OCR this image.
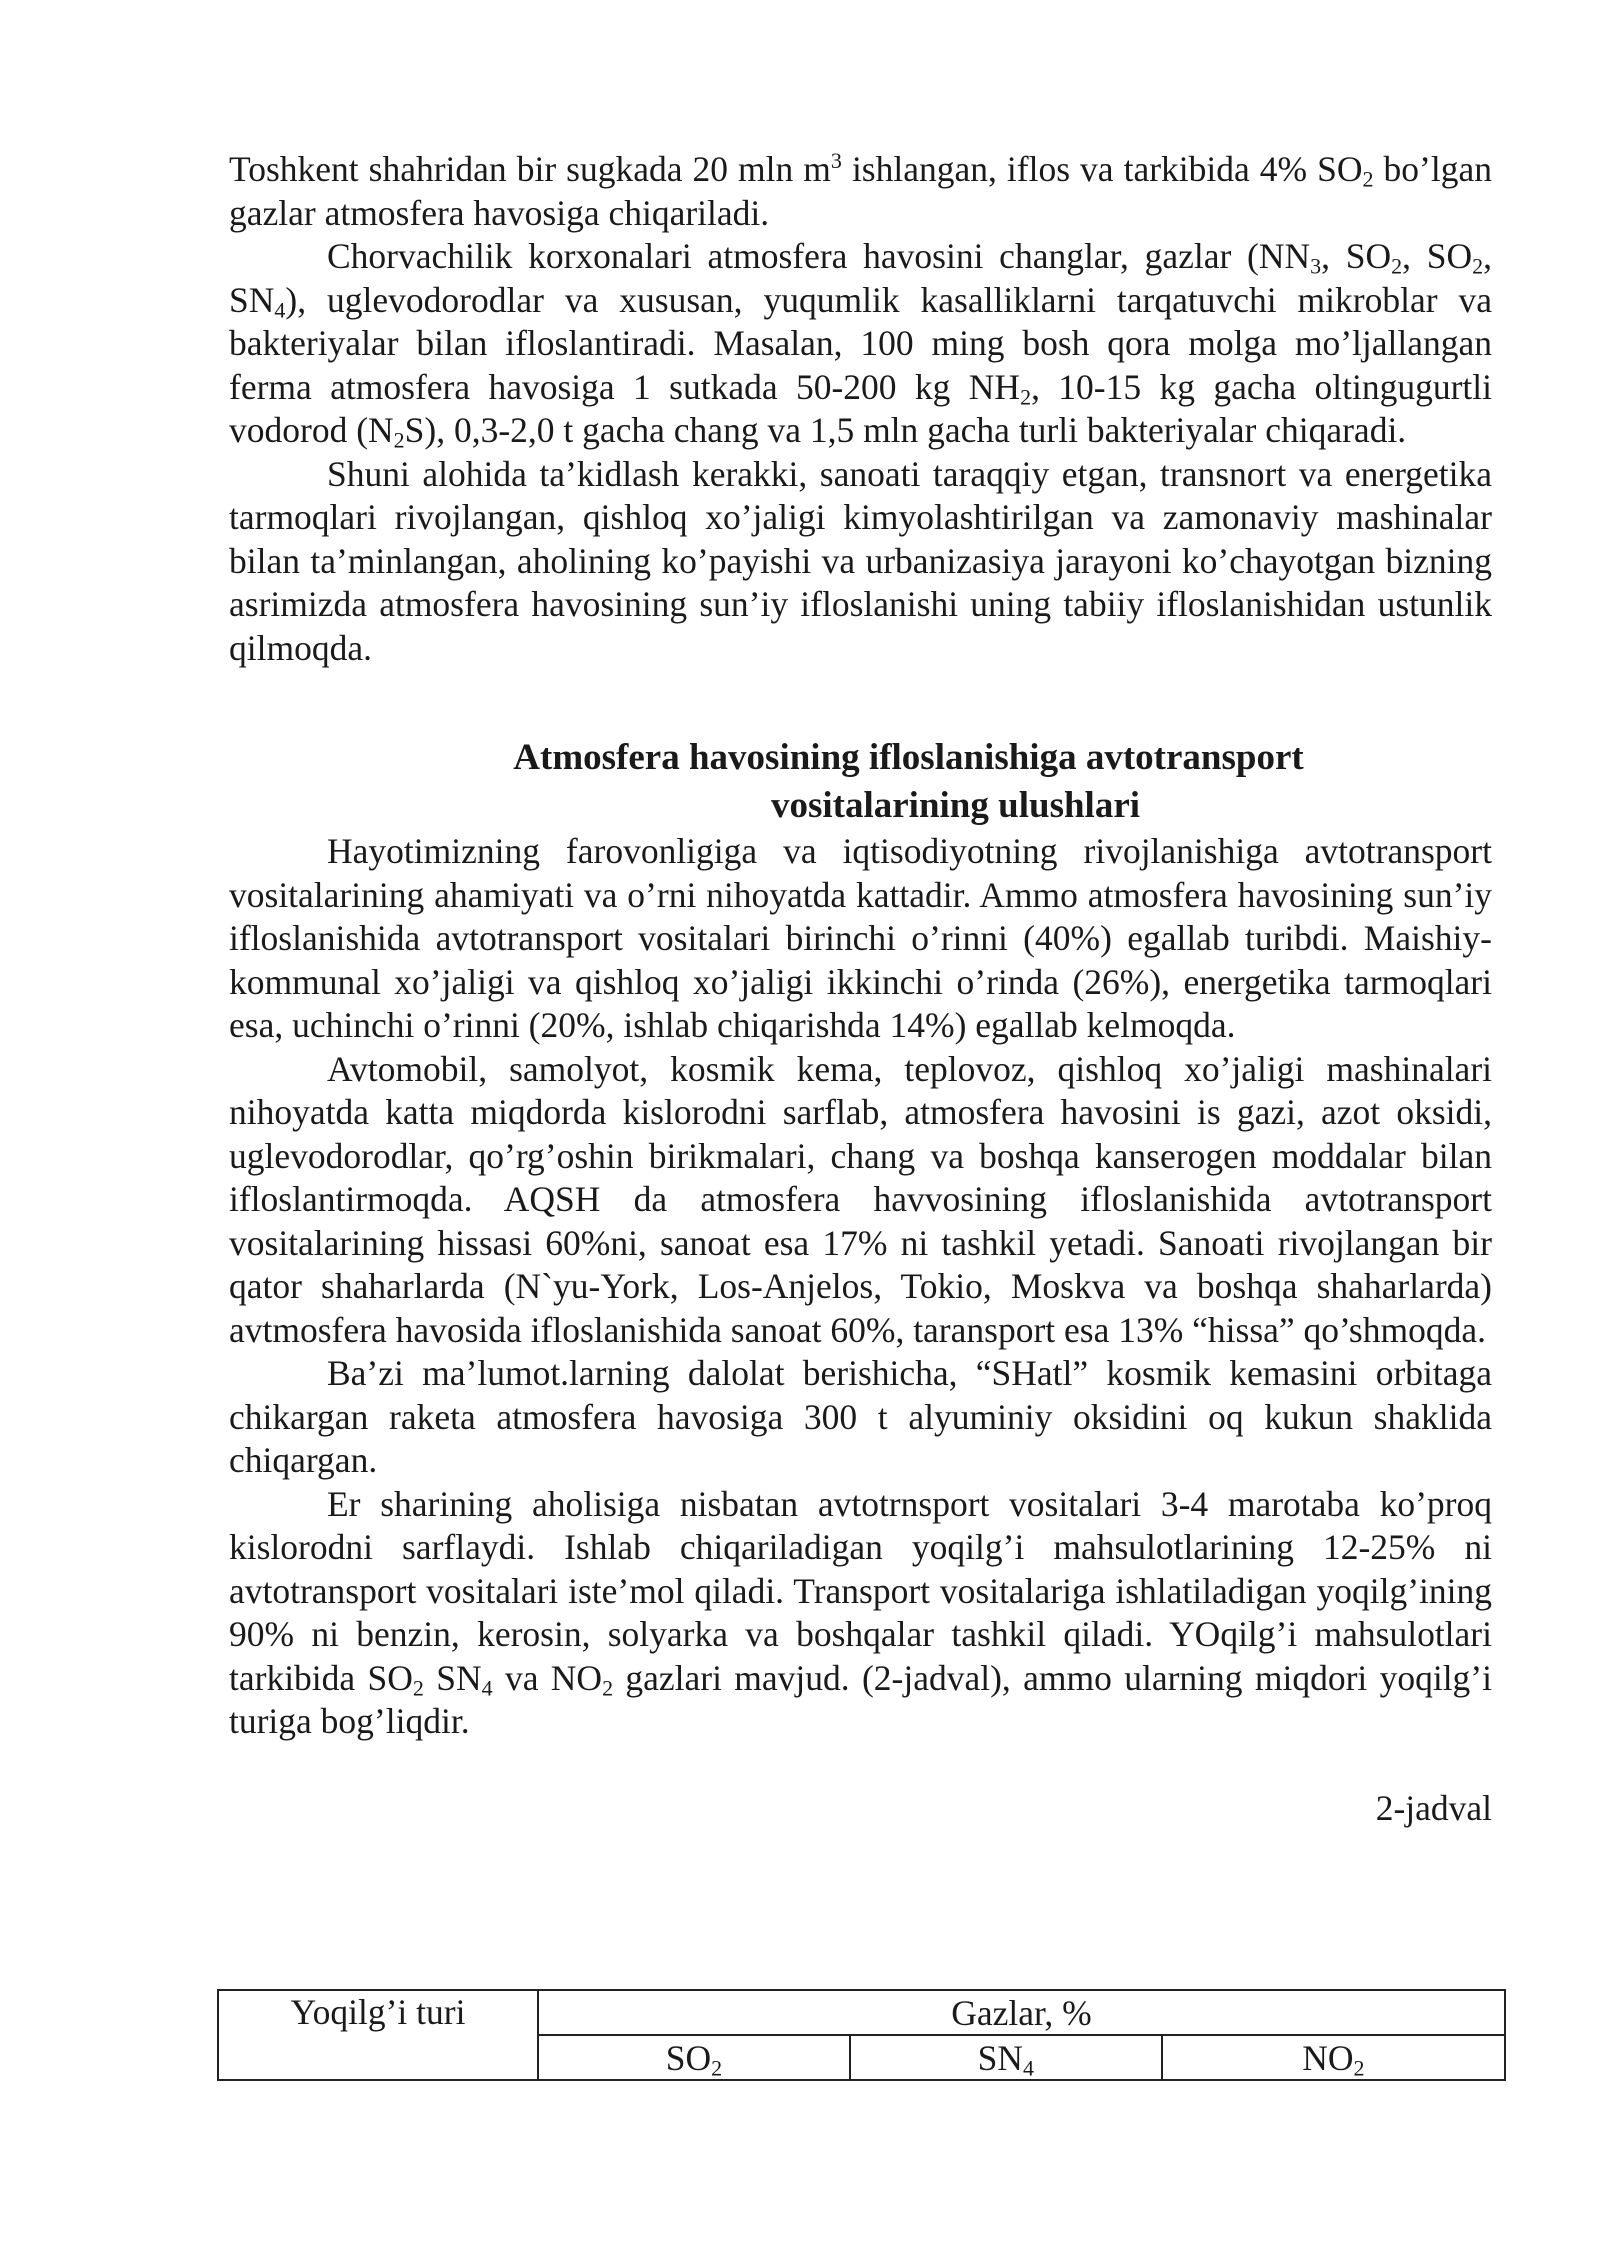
Toshkent shahridan bir sugkada 20 mln $m^3$ ishlangan, iflos va tarkibida 4% $SO_2$ bo’lgan gazlar atmosfera havosiga chiqariladi.

Chorvachilik korxonalari atmosfera havosini changlar, gazlar ($NN_3$, $SO_2$, $SO_2$, $SN_4$), uglevodorodlar va xususan, yuqumlik kasalliklarni tarqatuvchi mikroblar va bakteriyalar bilan ifloslantiradi. Masalan, 100 ming bosh qora molga mo’ljallangan ferma atmosfera havosiga 1 sutkada 50-200 kg $NH_2$, 10-15 kg gacha oltingugurtli vodorod $(N_2S)$, 0,3-2,0 t gacha chang va 1,5 mln gacha turli bakteriyalar chiqaradi.

Shuni alohida ta’kidlash kerakki, sanoati taraqqiy etgan, transnort va energetika tarmoqlari rivojlangan, qishloq xo’jaligi kimyolashtirilgan va zamonaviy mashinalar bilan ta’minlangan, aholining ko’payishi va urbanizasiya jarayoni ko’chayotgan bizning asrimizda atmosfera havosining sun’iy ifloslanishi uning tabiiy ifloslanishidan ustunlik qilmoqda.

Atmosfera havosining ifloslanishiga avtotransport
vositalarining ulushlari

Hayotimizning farovonligiga va iqtisodiyotning rivojlanishiga avtotransport vositalarining ahamiyati va o’rni nihoyatda kattadir. Ammo atmosfera havosining sun’iy ifloslanishida avtotransport vositalari birinchi o’rinni (40%) egallab turibdi. Maishiy-kommunal xo’jaligi va qishloq xo’jaligi ikkinchi o’rinda (26%), energetika tarmoqlari esa, uchinchi o’rinni (20%, ishlab chiqarishda 14%) egallab kelmoqda.

Avtomobil, samolyot, kosmik kema, teplovoz, qishloq xo’jaligi mashinalari nihoyatda katta miqdorda kislorodni sarflab, atmosfera havosini is gazi, azot oksidi, uglevodorodlar, qo’rg’oshin birikmalari, chang va boshqa kanserogen moddalar bilan ifloslantirmoqda. AQSH da atmosfera havvosining ifloslanishida avtotransport vositalarining hissasi 60%ni, sanoat esa 17% ni tashkil yetadi. Sanoati rivojlangan bir qator shaharlarda (N`yu-York, Los-Anjelos, Tokio, Moskva va boshqa shaharlarda) avtmosfera havosida ifloslanishida sanoat 60%, taransport esa 13% “hissa” qo’shmoqda.

Ba’zi ma’lumot.larning dalolat berishicha, “SHatl” kosmik kemasini orbitaga chikargan raketa atmosfera havosiga 300 t alyuminiy oksidini oq kukun shaklida chiqargan.

Er sharining aholisiga nisbatan avtotrnsport vositalari 3-4 marotaba ko’proq kislorodni sarflaydi. Ishlab chiqariladigan yoqilg’i mahsulotlarining 12-25% ni avtotransport vositalari iste’mol qiladi. Transport vositalariga ishlatiladigan yoqilg’ining 90% ni benzin, kerosin, solyarka va boshqalar tashkil qiladi. YOqilg’i mahsulotlari tarkibida $SO_2$ $SN_4$ va $NO_2$ gazlari mavjud. (2-jadval), ammo ularning miqdori yoqilg’i turiga bog’liqdir.

2-jadval

Yoqilg’i turi	Gazlar, %		
	$SO_2$	$SN_4$	$NO_2$
